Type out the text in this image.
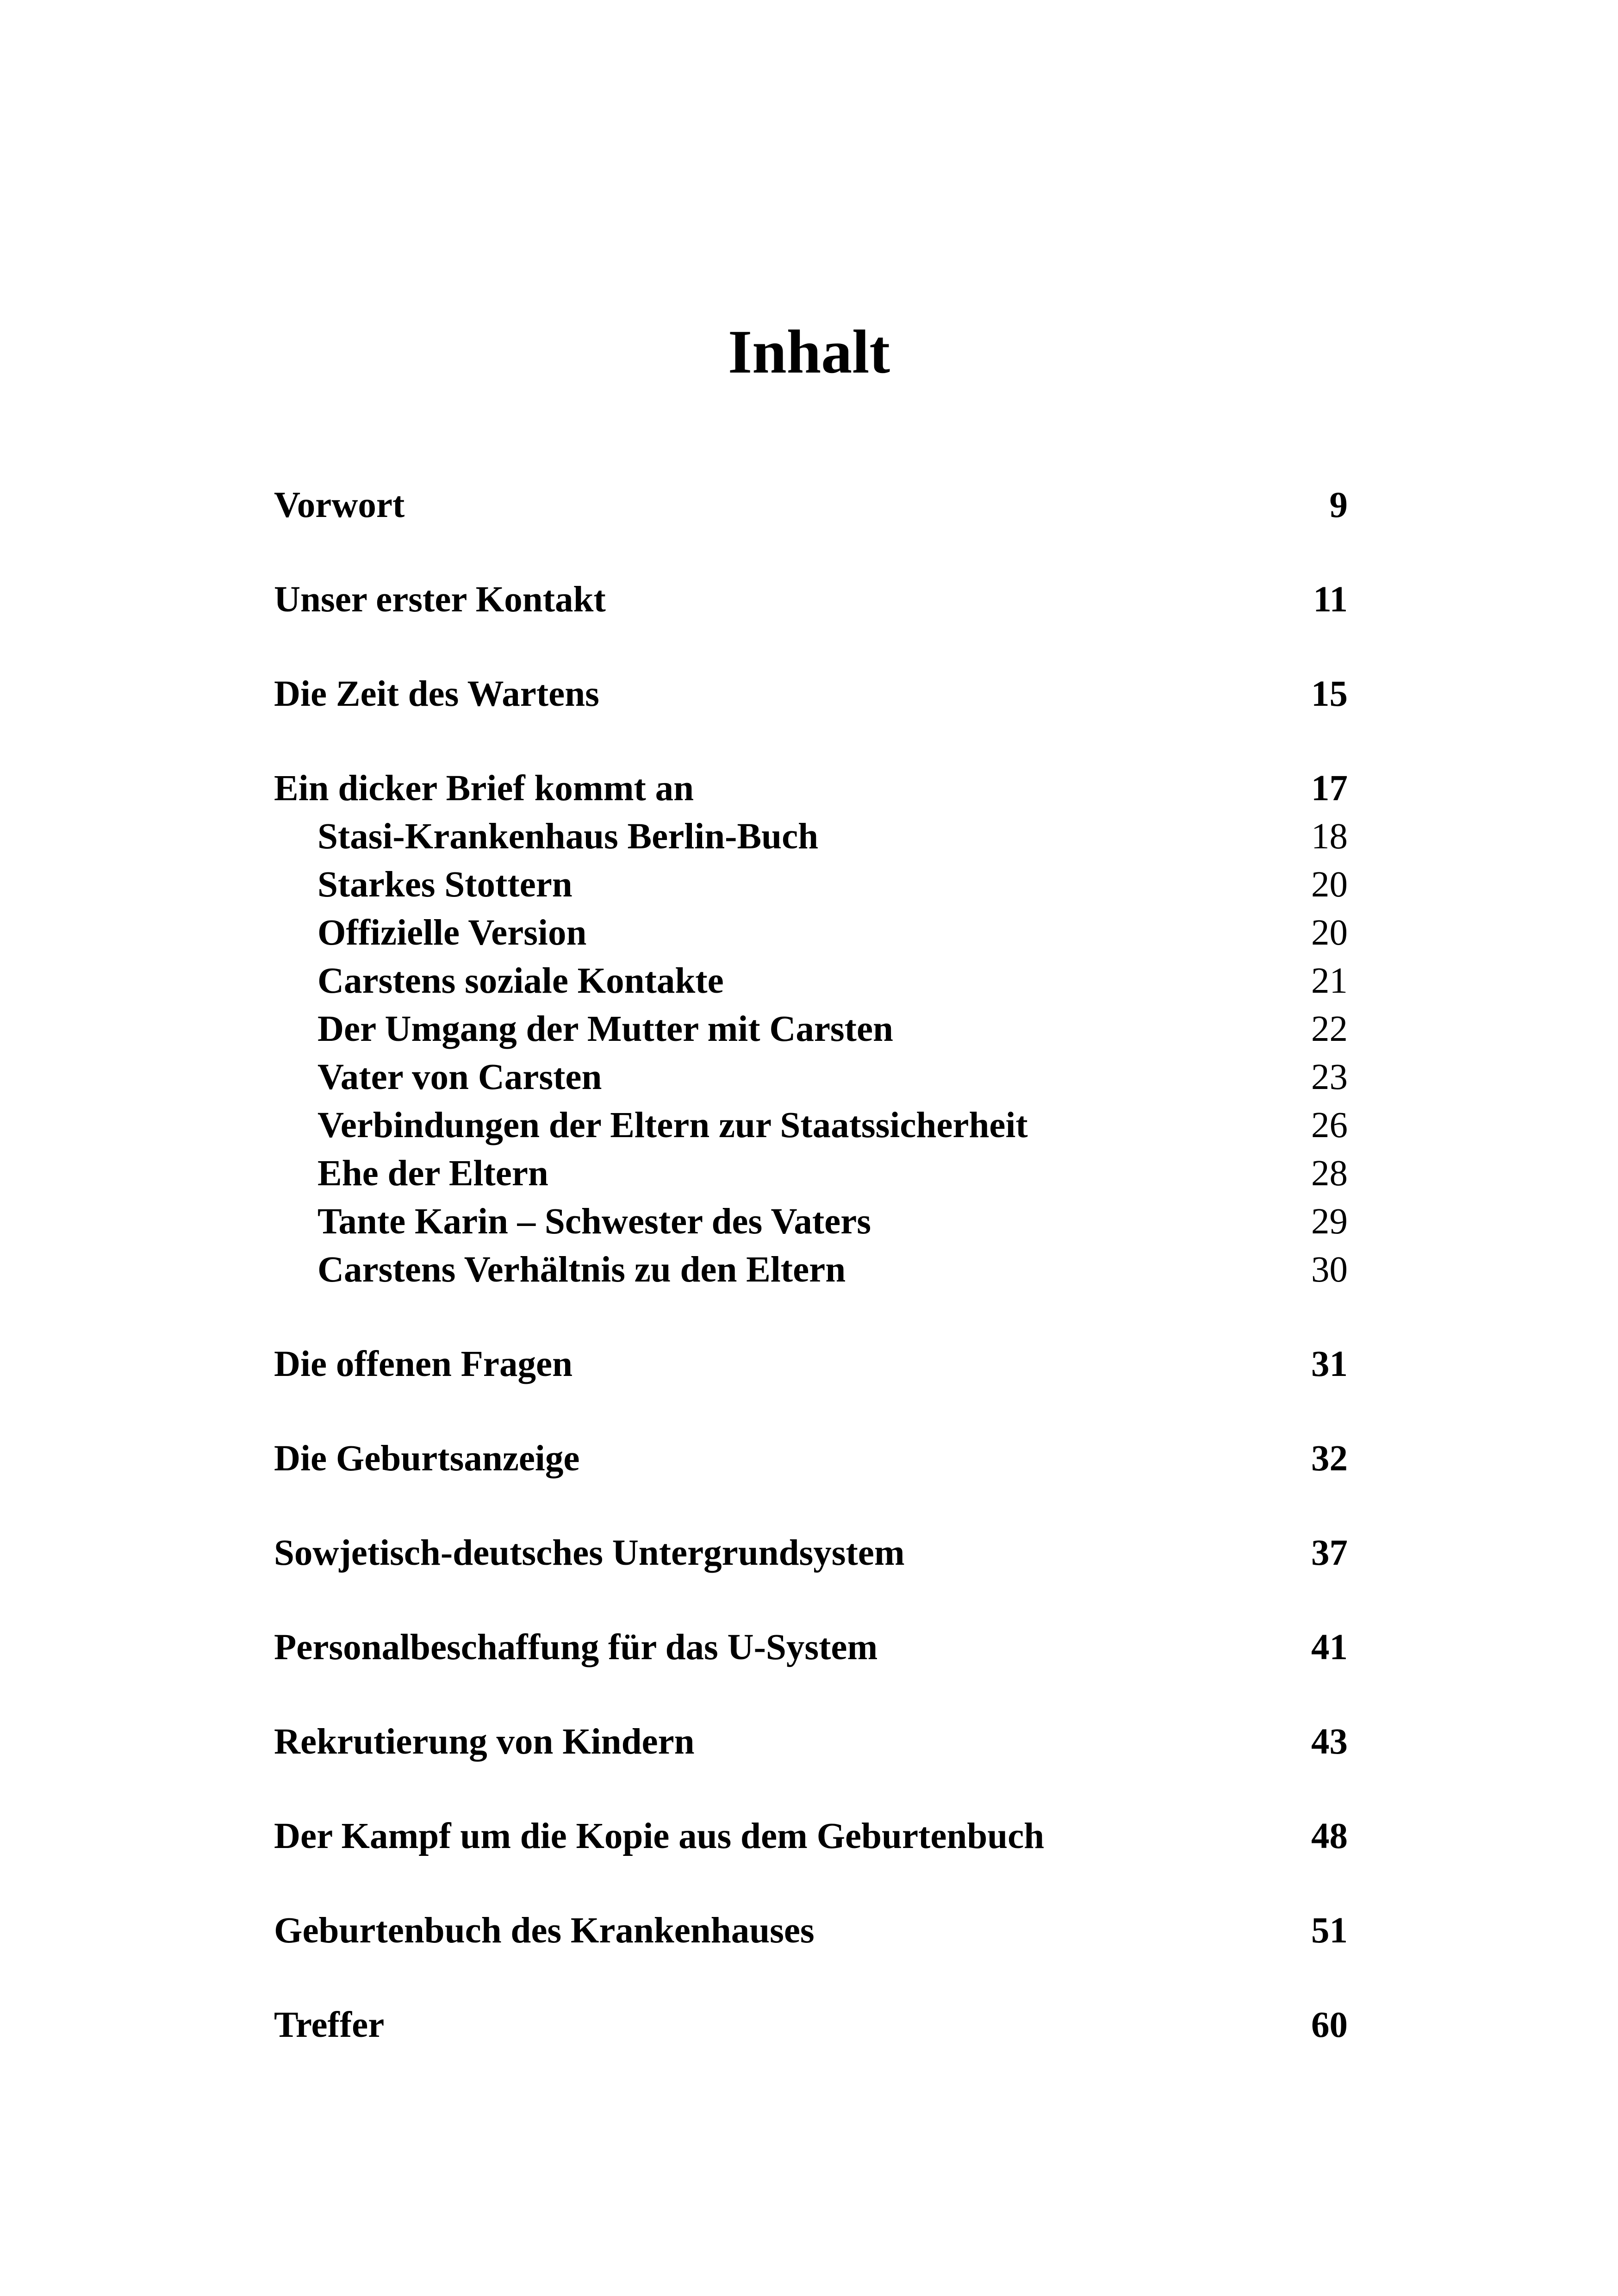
Inhalt
Vorwort	9
Unser erster Kontakt	11
Die Zeit des Wartens	15
Ein dicker Brief kommt an	17
Stasi-Krankenhaus Berlin-Buch	18
Starkes Stottern	20
Offizielle Version	20
Carstens soziale Kontakte	21
Der Umgang der Mutter mit Carsten	22
Vater von Carsten	23
Verbindungen der Eltern zur Staatssicherheit	26
Ehe der Eltern	28
Tante Karin – Schwester des Vaters	29
Carstens Verhältnis zu den Eltern	30
Die offenen Fragen	31
Die Geburtsanzeige	32
Sowjetisch-deutsches Untergrundsystem	37
Personalbeschaffung für das U-System	41
Rekrutierung von Kindern	43
Der Kampf um die Kopie aus dem Geburtenbuch	48
Geburtenbuch des Krankenhauses	51
Treffer	60
